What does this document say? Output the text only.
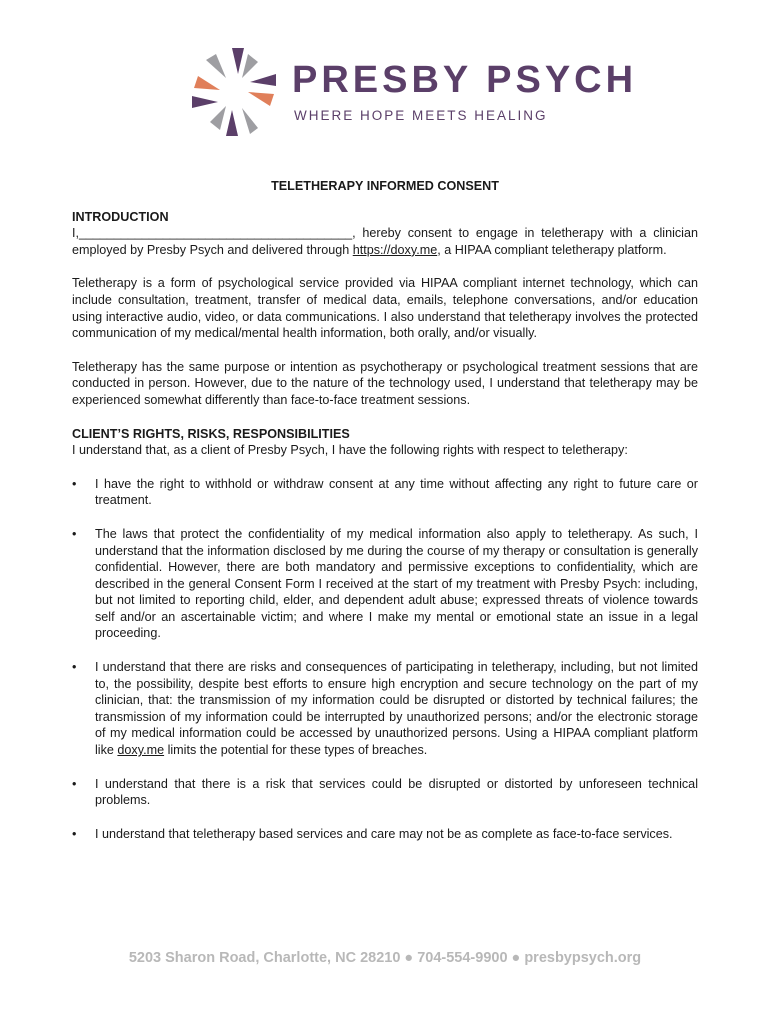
PRESBY PSYCH
WHERE HOPE MEETS HEALING
TELETHERAPY INFORMED CONSENT
INTRODUCTION

I,_______________________________________, hereby consent to engage in teletherapy with a clinician employed by Presby Psych and delivered through https://doxy.me, a HIPAA compliant teletherapy platform.

Teletherapy is a form of psychological service provided via HIPAA compliant internet technology, which can include consultation, treatment, transfer of medical data, emails, telephone conversations, and/or education using interactive audio, video, or data communications. I also understand that teletherapy involves the protected communication of my medical/mental health information, both orally, and/or visually.

Teletherapy has the same purpose or intention as psychotherapy or psychological treatment sessions that are conducted in person. However, due to the nature of the technology used, I understand that teletherapy may be experienced somewhat differently than face-to-face treatment sessions.

CLIENT’S RIGHTS, RISKS, RESPONSIBILITIES

I understand that, as a client of Presby Psych, I have the following rights with respect to teletherapy:

• I have the right to withhold or withdraw consent at any time without affecting any right to future care or treatment.
• The laws that protect the confidentiality of my medical information also apply to teletherapy. As such, I understand that the information disclosed by me during the course of my therapy or consultation is generally confidential. However, there are both mandatory and permissive exceptions to confidentiality, which are described in the general Consent Form I received at the start of my treatment with Presby Psych: including, but not limited to reporting child, elder, and dependent adult abuse; expressed threats of violence towards self and/or an ascertainable victim; and where I make my mental or emotional state an issue in a legal proceeding.
• I understand that there are risks and consequences of participating in teletherapy, including, but not limited to, the possibility, despite best efforts to ensure high encryption and secure technology on the part of my clinician, that: the transmission of my information could be disrupted or distorted by technical failures; the transmission of my information could be interrupted by unauthorized persons; and/or the electronic storage of my medical information could be accessed by unauthorized persons. Using a HIPAA compliant platform like doxy.me limits the potential for these types of breaches.
• I understand that there is a risk that services could be disrupted or distorted by unforeseen technical problems.
• I understand that teletherapy based services and care may not be as complete as face-to-face services.
5203 Sharon Road, Charlotte, NC 28210 ● 704-554-9900 ● presbypsych.org
